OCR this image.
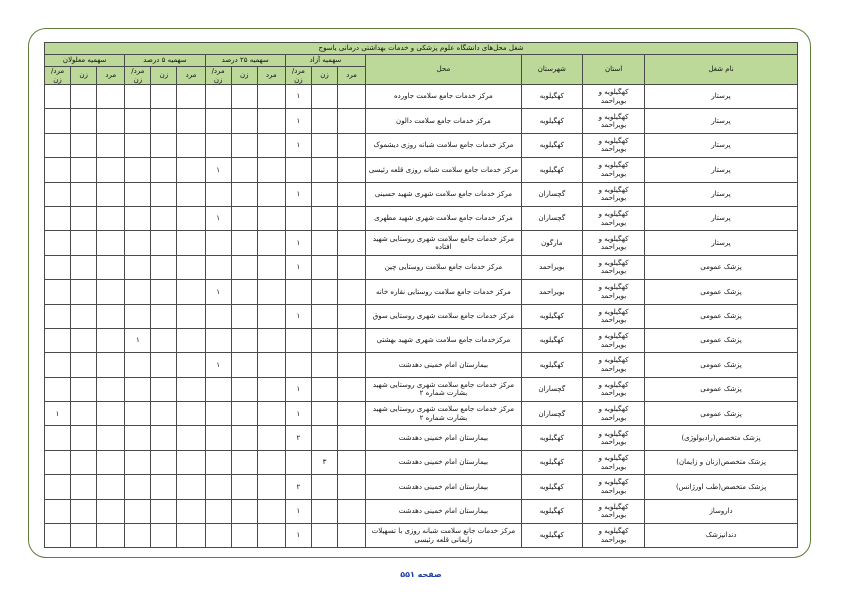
شغل محل‌های دانشگاه علوم پزشکی و خدمات بهداشتی درمانی یاسوج															
سهمیه معلولان			سهمیه ۵ درصد			سهمیه ۲۵ درصد			سهمیه آزاد			محل	شهرستان	استان	نام شغل
مرد/زن	زن	مرد	مرد/زن	زن	مرد	مرد/زن	زن	مرد	مرد/زن	زن	مرد				
									۱			مرکز خدمات جامع سلامت جاورده	کهگیلویه	کهگیلویه و بویراحمد	پرستار
									۱			مرکز خدمات جامع سلامت دالون	کهگیلویه	کهگیلویه و بویراحمد	پرستار
									۱			مرکز خدمات جامع سلامت شبانه روزی دیشموک	کهگیلویه	کهگیلویه و بویراحمد	پرستار
						۱						مرکز خدمات جامع سلامت شبانه روزی قلعه رئیسی	کهگیلویه	کهگیلویه و بویراحمد	پرستار
									۱			مرکز خدمات جامع سلامت شهری شهید حسینی	گچساران	کهگیلویه و بویراحمد	پرستار
						۱						مرکز خدمات جامع سلامت شهری شهید مطهری	گچساران	کهگیلویه و بویراحمد	پرستار
									۱			مرکز خدمات جامع سلامت شهری روستایی شهید افتاده	مارگون	کهگیلویه و بویراحمد	پرستار
									۱			مرکز خدمات جامع سلامت روستایی چین	بویراحمد	کهگیلویه و بویراحمد	پزشک عمومی
						۱						مرکز خدمات جامع سلامت روستایی نقاره خانه	بویراحمد	کهگیلویه و بویراحمد	پزشک عمومی
									۱			مرکز خدمات جامع سلامت شهری روستایی سوق	کهگیلویه	کهگیلویه و بویراحمد	پزشک عمومی
			۱									مرکزخدمات جامع سلامت شهری شهید بهشتی	کهگیلویه	کهگیلویه و بویراحمد	پزشک عمومی
						۱						بیمارستان امام خمینی دهدشت	کهگیلویه	کهگیلویه و بویراحمد	پزشک عمومی
									۱			مرکز خدمات جامع سلامت شهری روستایی شهید بشارت شماره ۲	گچساران	کهگیلویه و بویراحمد	پزشک عمومی
۱									۱			مرکز خدمات جامع سلامت شهری روستایی شهید بشارت شماره ۲	گچساران	کهگیلویه و بویراحمد	پزشک عمومی
									۲			بیمارستان امام خمینی دهدشت	کهگیلویه	کهگیلویه و بویراحمد	پزشک متخصص(رادیولوژی)
										۳		بیمارستان امام خمینی دهدشت	کهگیلویه	کهگیلویه و بویراحمد	پزشک متخصص(زنان و زایمان)
									۲			بیمارستان امام خمینی دهدشت	کهگیلویه	کهگیلویه و بویراحمد	پزشک متخصص(طب اورژانس)
									۱			بیمارستان امام خمینی دهدشت	کهگیلویه	کهگیلویه و بویراحمد	داروساز
									۱			مرکز خدمات جانع سلامت شبانه روزی با تسهیلات زایمانی قلعه رئیسی	کهگیلویه	کهگیلویه و بویراحمد	دندانپزشک
صفحه ۵۵۱
